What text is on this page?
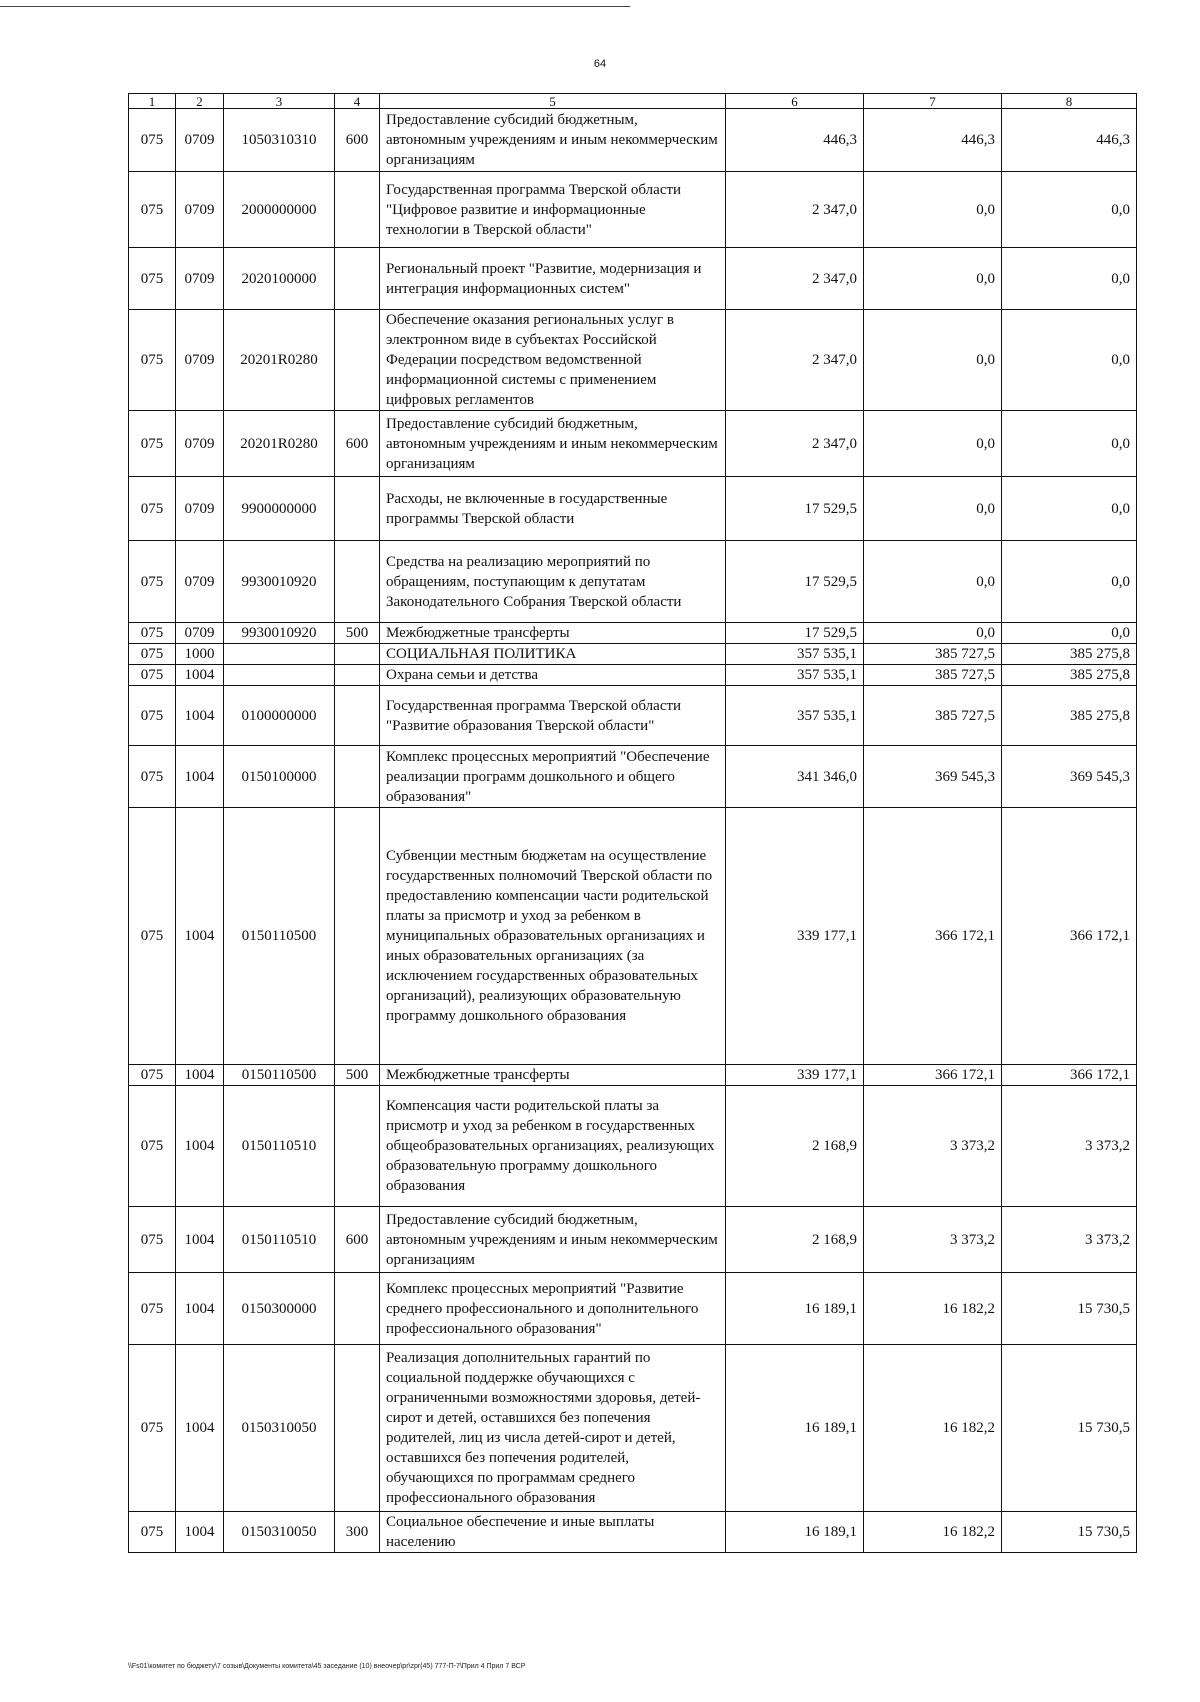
64
1	2	3	4	5	6	7	8
075	0709	1050310310	600	Предоставление субсидий бюджетным, автономным учреждениям и иным некоммерческим организациям	446,3	446,3	446,3
075	0709	2000000000		Государственная программа Тверской области "Цифровое развитие и информационные технологии в Тверской области"	2 347,0	0,0	0,0
075	0709	2020100000		Региональный проект "Развитие, модернизация и интеграция информационных систем"	2 347,0	0,0	0,0
075	0709	20201R0280		Обеспечение оказания региональных услуг в электронном виде в субъектах Российской Федерации посредством ведомственной информационной системы с применением цифровых регламентов	2 347,0	0,0	0,0
075	0709	20201R0280	600	Предоставление субсидий бюджетным, автономным учреждениям и иным некоммерческим организациям	2 347,0	0,0	0,0
075	0709	9900000000		Расходы, не включенные в государственные программы Тверской области	17 529,5	0,0	0,0
075	0709	9930010920		Средства на реализацию мероприятий по обращениям, поступающим к депутатам Законодательного Собрания Тверской области	17 529,5	0,0	0,0
075	0709	9930010920	500	Межбюджетные трансферты	17 529,5	0,0	0,0
075	1000			СОЦИАЛЬНАЯ ПОЛИТИКА	357 535,1	385 727,5	385 275,8
075	1004			Охрана семьи и детства	357 535,1	385 727,5	385 275,8
075	1004	0100000000		Государственная программа Тверской области "Развитие образования Тверской области"	357 535,1	385 727,5	385 275,8
075	1004	0150100000		Комплекс процессных мероприятий "Обеспечение реализации программ дошкольного и общего образования"	341 346,0	369 545,3	369 545,3
075	1004	0150110500		Субвенции местным бюджетам на осуществление государственных полномочий Тверской области по предоставлению компенсации части родительской платы за присмотр и уход за ребенком в муниципальных образовательных организациях и иных образовательных организациях (за исключением государственных образовательных организаций), реализующих образовательную программу дошкольного образования	339 177,1	366 172,1	366 172,1
075	1004	0150110500	500	Межбюджетные трансферты	339 177,1	366 172,1	366 172,1
075	1004	0150110510		Компенсация части родительской платы за присмотр и уход за ребенком в государственных общеобразовательных организациях, реализующих образовательную программу дошкольного образования	2 168,9	3 373,2	3 373,2
075	1004	0150110510	600	Предоставление субсидий бюджетным, автономным учреждениям и иным некоммерческим организациям	2 168,9	3 373,2	3 373,2
075	1004	0150300000		Комплекс процессных мероприятий "Развитие среднего профессионального и дополнительного профессионального образования"	16 189,1	16 182,2	15 730,5
075	1004	0150310050		Реализация дополнительных гарантий по социальной поддержке обучающихся с ограниченными возможностями здоровья, детей-сирот и детей, оставшихся без попечения родителей, лиц из числа детей-сирот и детей, оставшихся без попечения родителей, обучающихся по программам среднего профессионального образования	16 189,1	16 182,2	15 730,5
075	1004	0150310050	300	Социальное обеспечение и иные выплаты населению	16 189,1	16 182,2	15 730,5
\\Fs01\комитет по бюджету\7 созыв\Документы комитета\45 заседание (10) внеочер\pr\zpr(45) 777-П-7\Прил 4 Прил 7 ВСР
